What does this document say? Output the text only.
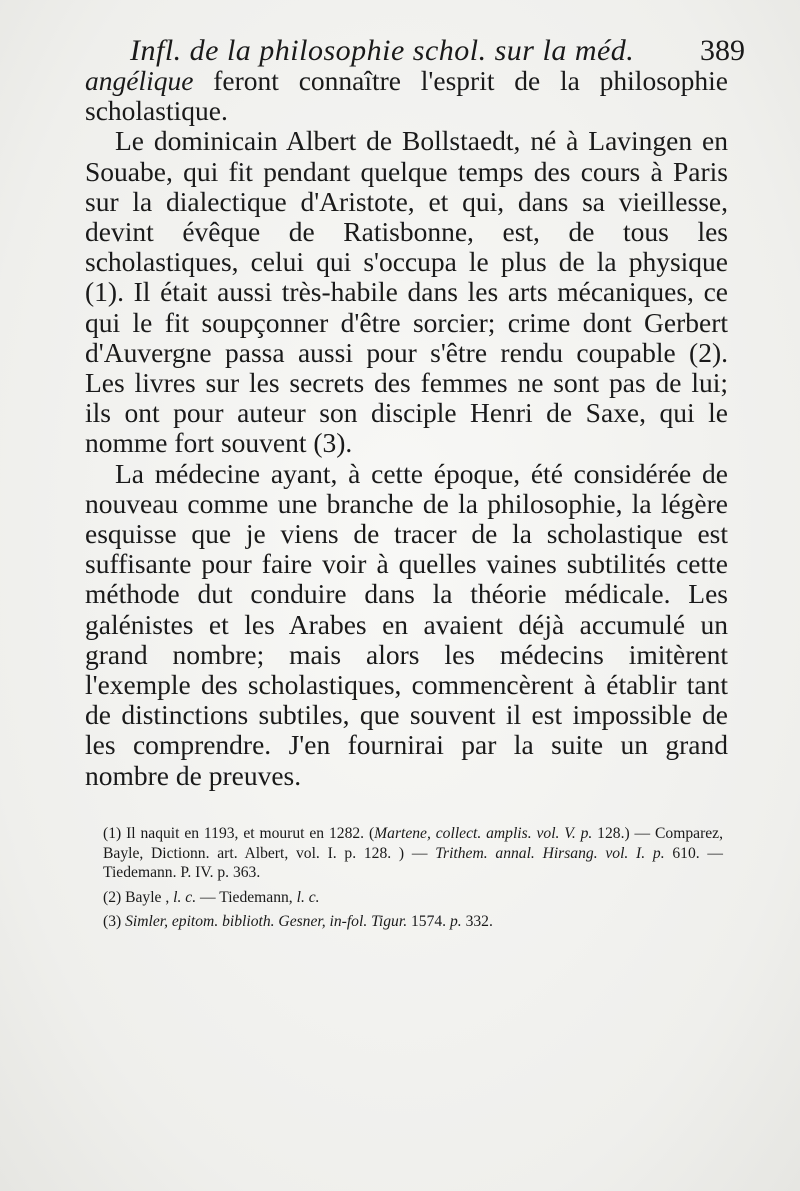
Infl. de la philosophie schol. sur la méd.	389

angélique feront connaître l'esprit de la philosophie scholastique.

Le dominicain Albert de Bollstaedt, né à Lavingen en Souabe, qui fit pendant quelque temps des cours à Paris sur la dialectique d'Aristote, et qui, dans sa vieillesse, devint évêque de Ratisbonne, est, de tous les scholastiques, celui qui s'occupa le plus de la physique (1). Il était aussi très-habile dans les arts mécaniques, ce qui le fit soupçonner d'être sorcier; crime dont Gerbert d'Auvergne passa aussi pour s'être rendu coupable (2). Les livres sur les secrets des femmes ne sont pas de lui; ils ont pour auteur son disciple Henri de Saxe, qui le nomme fort souvent (3).

La médecine ayant, à cette époque, été considérée de nouveau comme une branche de la philosophie, la légère esquisse que je viens de tracer de la scholastique est suffisante pour faire voir à quelles vaines subtilités cette méthode dut conduire dans la théorie médicale. Les galénistes et les Arabes en avaient déjà accumulé un grand nombre; mais alors les médecins imitèrent l'exemple des scholastiques, commencèrent à établir tant de distinctions subtiles, que souvent il est impossible de les comprendre. J'en fournirai par la suite un grand nombre de preuves.

(1) Il naquit en 1193, et mourut en 1282. (Martene, collect. amplis. vol. V. p. 128.) — Comparez, Bayle, Dictionn. art. Albert, vol. I. p. 128. ) — Trithem. annal. Hirsang. vol. I. p. 610. — Tiedemann. P. IV. p. 363.

(2) Bayle , l. c. — Tiedemann, l. c.

(3) Simler, epitom. biblioth. Gesner, in-fol. Tigur. 1574. p. 332.
